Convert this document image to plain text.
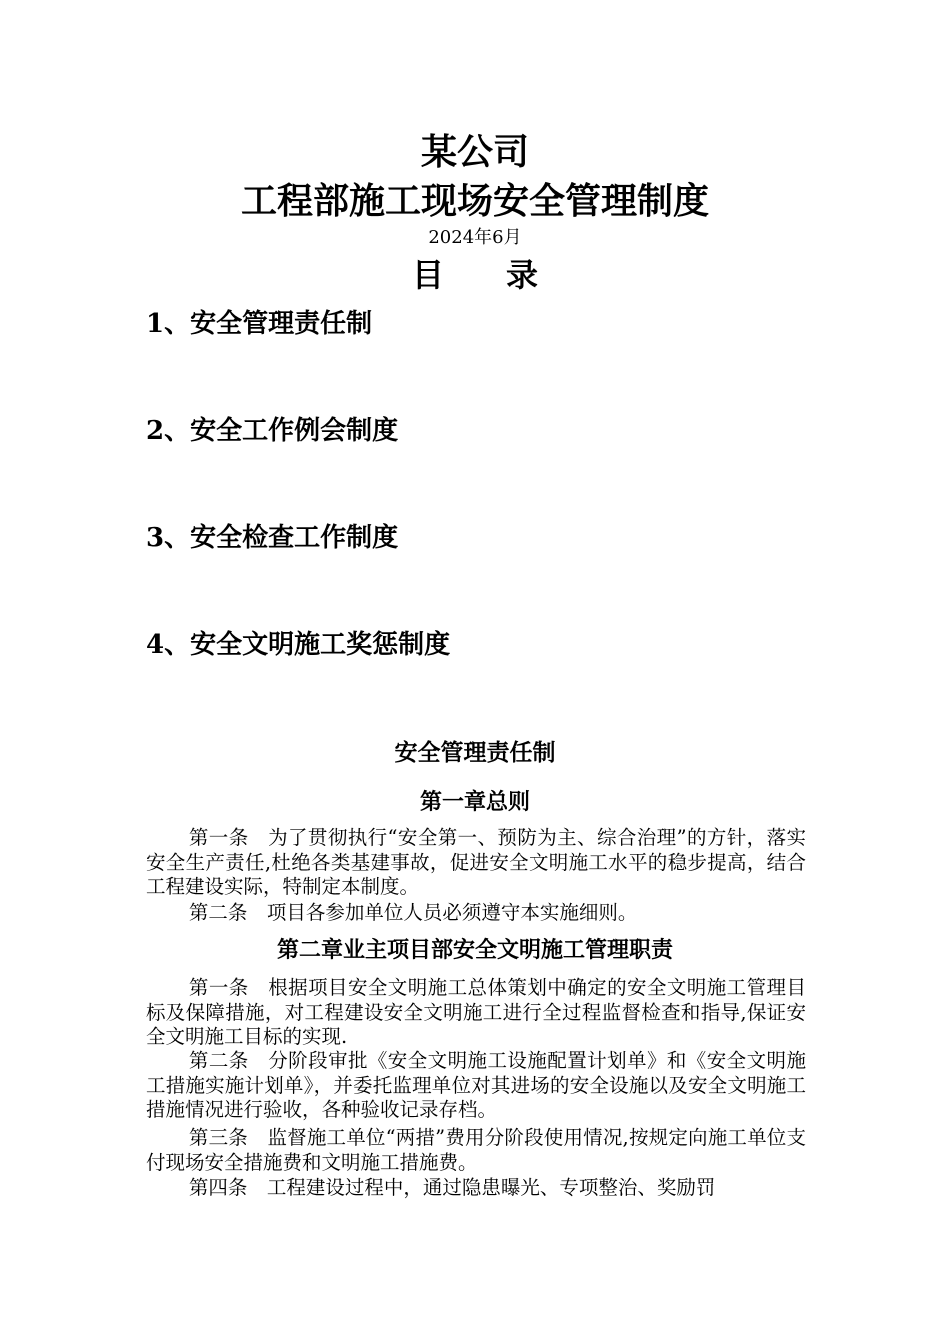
某公司
工程部施工现场安全管理制度
2024年6月
目 录
1、安全管理责任制
2、安全工作例会制度
3、安全检查工作制度
4、安全文明施工奖惩制度
安全管理责任制
第一章总则

第一条 为了贯彻执行“安全第一、预防为主、综合治理”的方针，落实安全生产责任,杜绝各类基建事故，促进安全文明施工水平的稳步提高，结合工程建设实际，特制定本制度。

第二条 项目各参加单位人员必须遵守本实施细则。

第二章业主项目部安全文明施工管理职责

第一条 根据项目安全文明施工总体策划中确定的安全文明施工管理目标及保障措施，对工程建设安全文明施工进行全过程监督检查和指导,保证安全文明施工目标的实现.

第二条 分阶段审批《安全文明施工设施配置计划单》和《安全文明施工措施实施计划单》，并委托监理单位对其进场的安全设施以及安全文明施工措施情况进行验收，各种验收记录存档。

第三条 监督施工单位“两措”费用分阶段使用情况,按规定向施工单位支付现场安全措施费和文明施工措施费。

第四条 工程建设过程中，通过隐患曝光、专项整治、奖励罚
